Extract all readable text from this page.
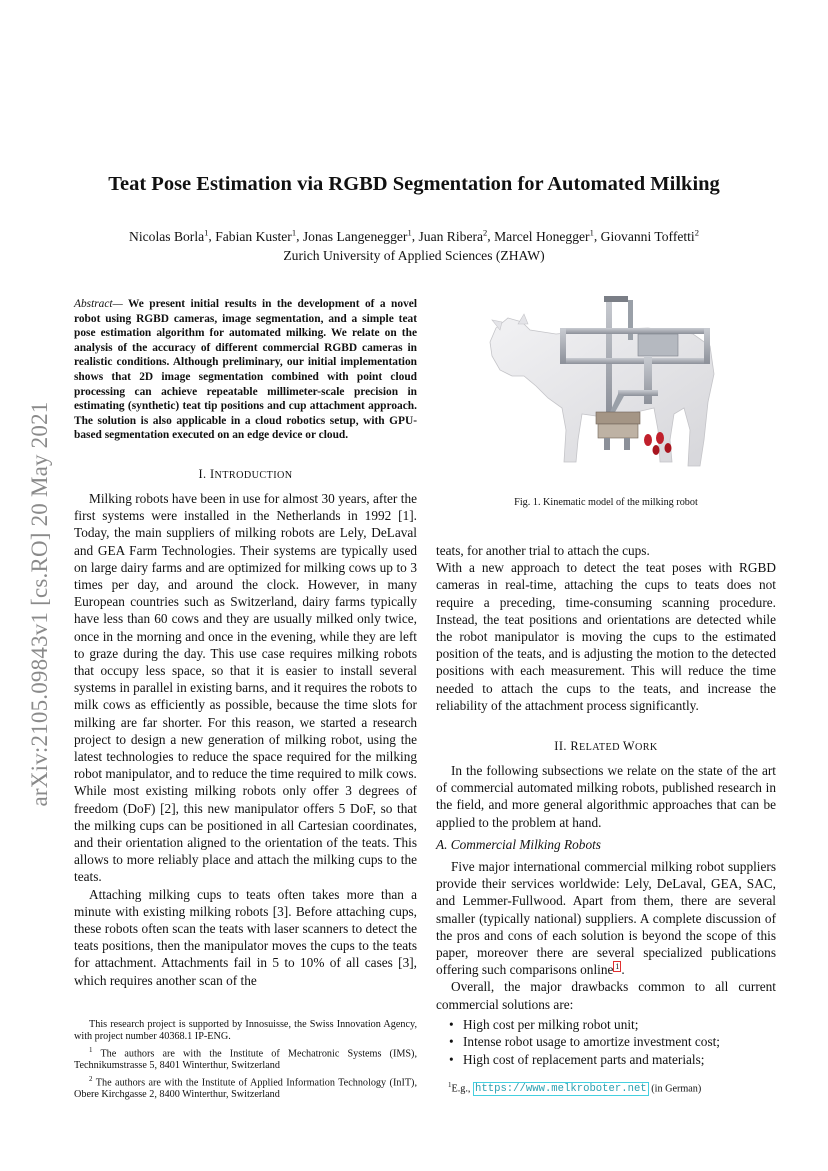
arXiv:2105.09843v1 [cs.RO] 20 May 2021
Teat Pose Estimation via RGBD Segmentation for Automated Milking
Nicolas Borla$^1$, Fabian Kuster$^1$, Jonas Langenegger$^1$, Juan Ribera$^2$, Marcel Honegger$^1$, Giovanni Toffetti$^2$
Zurich University of Applied Sciences (ZHAW)
Abstract— We present initial results in the development of a novel robot using RGBD cameras, image segmentation, and a simple teat pose estimation algorithm for automated milking. We relate on the analysis of the accuracy of different commercial RGBD cameras in realistic conditions. Although preliminary, our initial implementation shows that 2D image segmentation combined with point cloud processing can achieve repeatable millimeter-scale precision in estimating (synthetic) teat tip positions and cup attachment approach. The solution is also applicable in a cloud robotics setup, with GPU-based segmentation executed on an edge device or cloud.
I. INTRODUCTION

Milking robots have been in use for almost 30 years, after the first systems were installed in the Netherlands in 1992 [1]. Today, the main suppliers of milking robots are Lely, DeLaval and GEA Farm Technologies. Their systems are typically used on large dairy farms and are optimized for milking cows up to 3 times per day, and around the clock. However, in many European countries such as Switzerland, dairy farms typically have less than 60 cows and they are usually milked only twice, once in the morning and once in the evening, while they are left to graze during the day. This use case requires milking robots that occupy less space, so that it is easier to install several systems in parallel in existing barns, and it requires the robots to milk cows as efficiently as possible, because the time slots for milking are far shorter. For this reason, we started a research project to design a new generation of milking robot, using the latest technologies to reduce the space required for the milking robot manipulator, and to reduce the time required to milk cows.

While most existing milking robots only offer 3 degrees of freedom (DoF) [2], this new manipulator offers 5 DoF, so that the milking cups can be positioned in all Cartesian coordinates, and their orientation aligned to the orientation of the teats. This allows to more reliably place and attach the milking cups to the teats.

Attaching milking cups to teats often takes more than a minute with existing milking robots [3]. Before attaching cups, these robots often scan the teats with laser scanners to detect the teats positions, then the manipulator moves the cups to the teats for attachment. Attachments fail in 5 to 10% of all cases [3], which requires another scan of the

This research project is supported by Innosuisse, the Swiss Innovation Agency, with project number 40368.1 IP-ENG.

$^1$ The authors are with the Institute of Mechatronic Systems (IMS), Technikumstrasse 5, 8401 Winterthur, Switzerland

$^2$ The authors are with the Institute of Applied Information Technology (InIT), Obere Kirchgasse 2, 8400 Winterthur, Switzerland

Fig. 1. Kinematic model of the milking robot

teats, for another trial to attach the cups.

With a new approach to detect the teat poses with RGBD cameras in real-time, attaching the cups to teats does not require a preceding, time-consuming scanning procedure. Instead, the teat positions and orientations are detected while the robot manipulator is moving the cups to the estimated position of the teats, and is adjusting the motion to the detected positions with each measurement. This will reduce the time needed to attach the cups to the teats, and increase the reliability of the attachment process significantly.

II. RELATED WORK

In the following subsections we relate on the state of the art of commercial automated milking robots, published research in the field, and more general algorithmic approaches that can be applied to the problem at hand.

A. Commercial Milking Robots

Five major international commercial milking robot suppliers provide their services worldwide: Lely, DeLaval, GEA, SAC, and Lemmer-Fullwood. Apart from them, there are several smaller (typically national) suppliers. A complete discussion of the pros and cons of each solution is beyond the scope of this paper, moreover there are several specialized publications offering such comparisons online $^1$ .

Overall, the major drawbacks common to all current commercial solutions are:

• High cost per milking robot unit;
• Intense robot usage to amortize investment cost;
• High cost of replacement parts and materials;
$^1$E.g., https://www.melkroboter.net (in German)
